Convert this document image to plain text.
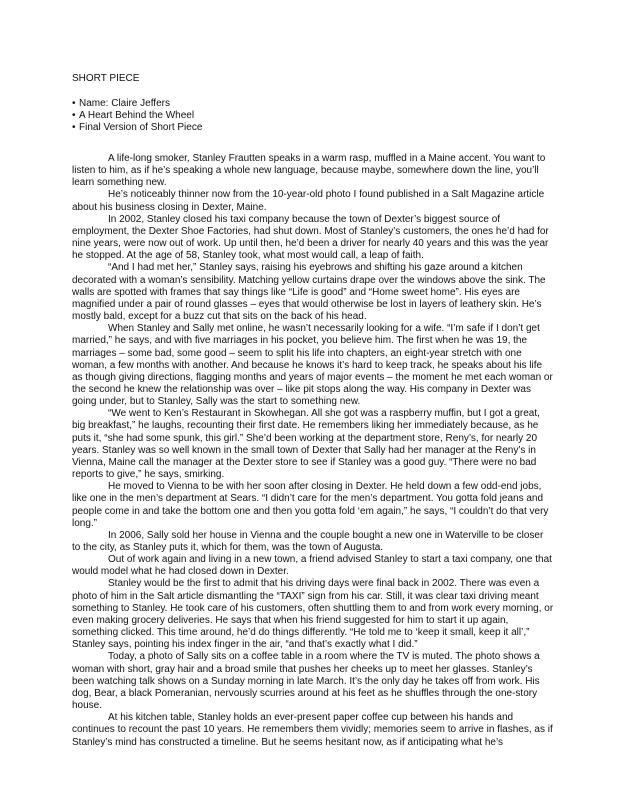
SHORT PIECE

• Name: Claire Jeffers
• A Heart Behind the Wheel
• Final Version of Short Piece

A life-long smoker, Stanley Frautten speaks in a warm rasp, muffled in a Maine accent. You want to listen to him, as if he’s speaking a whole new language, because maybe, somewhere down the line, you’ll learn something new.

He’s noticeably thinner now from the 10-year-old photo I found published in a Salt Magazine article about his business closing in Dexter, Maine.

In 2002, Stanley closed his taxi company because the town of Dexter’s biggest source of employment, the Dexter Shoe Factories, had shut down. Most of Stanley’s customers, the ones he’d had for nine years, were now out of work. Up until then, he’d been a driver for nearly 40 years and this was the year he stopped. At the age of 58, Stanley took, what most would call, a leap of faith.

“And I had met her,” Stanley says, raising his eyebrows and shifting his gaze around a kitchen decorated with a woman’s sensibility. Matching yellow curtains drape over the windows above the sink. The walls are spotted with frames that say things like “Life is good” and “Home sweet home”. His eyes are magnified under a pair of round glasses – eyes that would otherwise be lost in layers of leathery skin. He’s mostly bald, except for a buzz cut that sits on the back of his head.

When Stanley and Sally met online, he wasn’t necessarily looking for a wife. “I’m safe if I don’t get married,” he says, and with five marriages in his pocket, you believe him. The first when he was 19, the marriages – some bad, some good – seem to split his life into chapters, an eight-year stretch with one woman, a few months with another. And because he knows it’s hard to keep track, he speaks about his life as though giving directions, flagging months and years of major events – the moment he met each woman or the second he knew the relationship was over – like pit stops along the way. His company in Dexter was going under, but to Stanley, Sally was the start to something new.

“We went to Ken’s Restaurant in Skowhegan. All she got was a raspberry muffin, but I got a great, big breakfast,” he laughs, recounting their first date. He remembers liking her immediately because, as he puts it, “she had some spunk, this girl.” She’d been working at the department store, Reny’s, for nearly 20 years. Stanley was so well known in the small town of Dexter that Sally had her manager at the Reny’s in Vienna, Maine call the manager at the Dexter store to see if Stanley was a good guy. “There were no bad reports to give,” he says, smirking.

He moved to Vienna to be with her soon after closing in Dexter. He held down a few odd-end jobs, like one in the men’s department at Sears. “I didn’t care for the men’s department. You gotta fold jeans and people come in and take the bottom one and then you gotta fold ‘em again,” he says, “I couldn’t do that very long.”

In 2006, Sally sold her house in Vienna and the couple bought a new one in Waterville to be closer to the city, as Stanley puts it, which for them, was the town of Augusta.

Out of work again and living in a new town, a friend advised Stanley to start a taxi company, one that would model what he had closed down in Dexter.

Stanley would be the first to admit that his driving days were final back in 2002. There was even a photo of him in the Salt article dismantling the “TAXI” sign from his car. Still, it was clear taxi driving meant something to Stanley. He took care of his customers, often shuttling them to and from work every morning, or even making grocery deliveries. He says that when his friend suggested for him to start it up again, something clicked. This time around, he’d do things differently. “He told me to ‘keep it small, keep it all’,” Stanley says, pointing his index finger in the air, “and that’s exactly what I did.”

Today, a photo of Sally sits on a coffee table in a room where the TV is muted. The photo shows a woman with short, gray hair and a broad smile that pushes her cheeks up to meet her glasses. Stanley’s been watching talk shows on a Sunday morning in late March. It’s the only day he takes off from work. His dog, Bear, a black Pomeranian, nervously scurries around at his feet as he shuffles through the one-story house.

At his kitchen table, Stanley holds an ever-present paper coffee cup between his hands and continues to recount the past 10 years. He remembers them vividly; memories seem to arrive in flashes, as if Stanley’s mind has constructed a timeline. But he seems hesitant now, as if anticipating what he’s
